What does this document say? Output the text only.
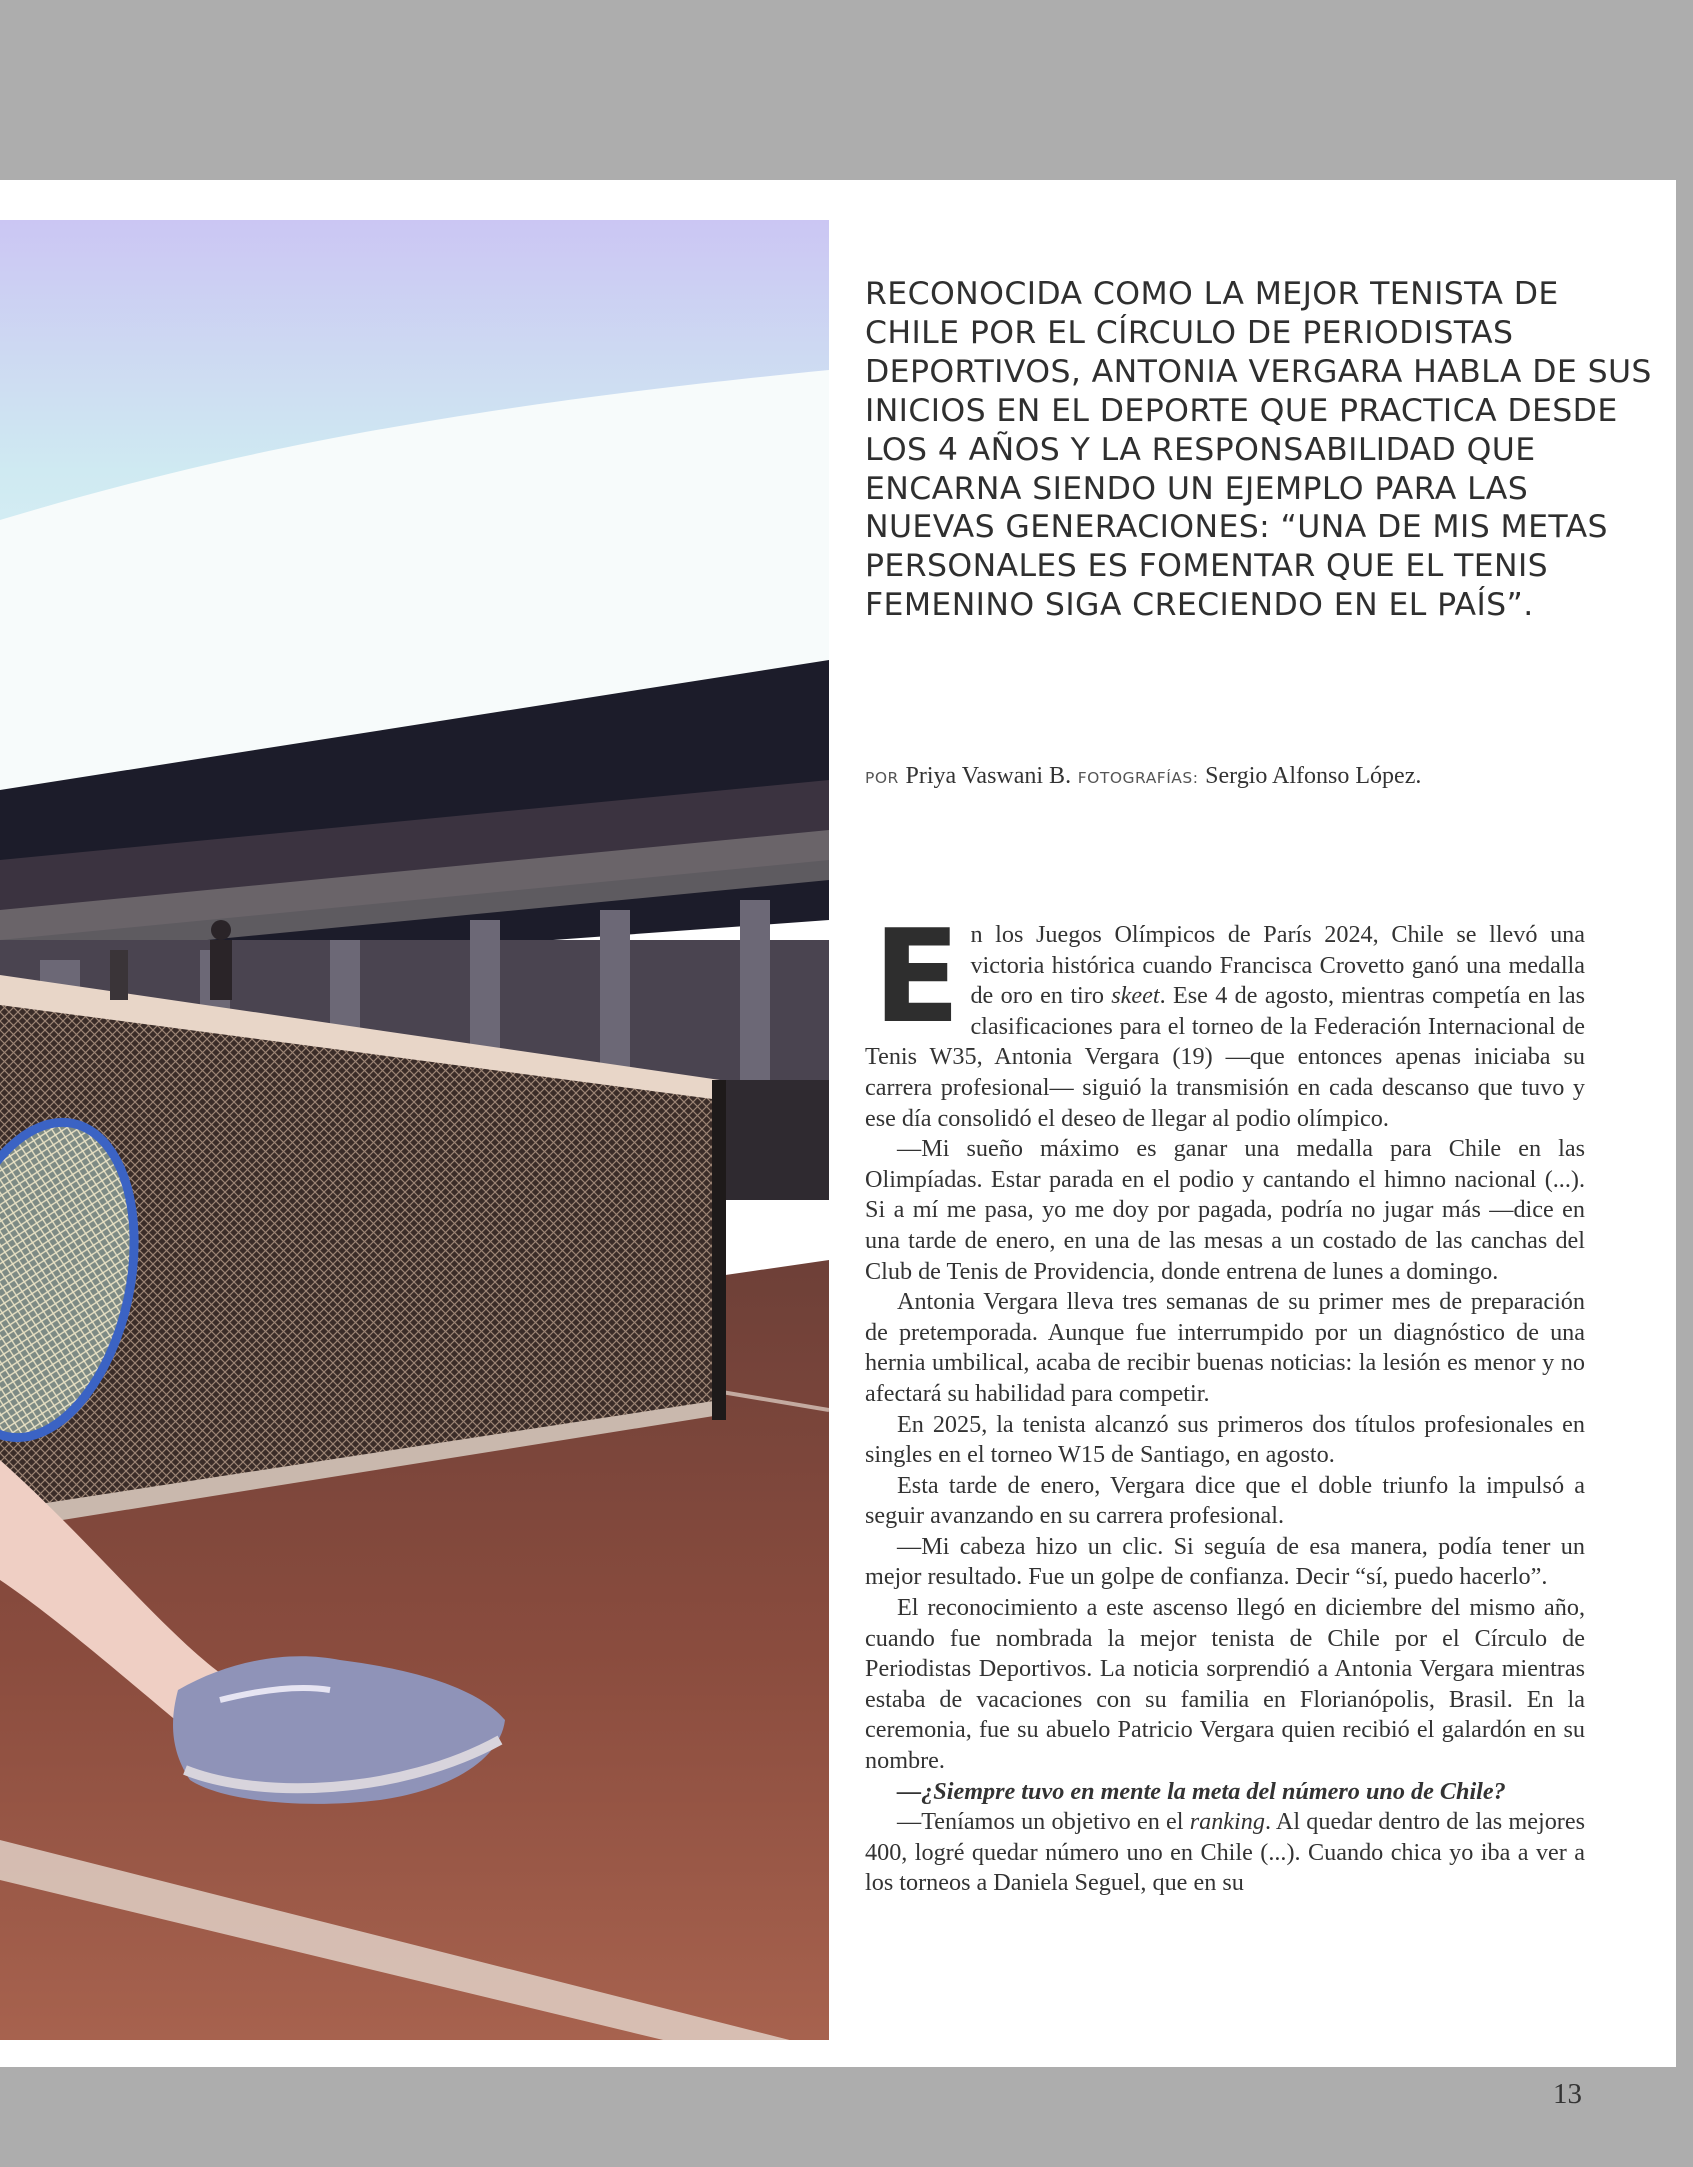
RECONOCIDA COMO LA MEJOR TENISTA DE CHILE POR EL CÍRCULO DE PERIODISTAS DEPORTIVOS, ANTONIA VERGARA HABLA DE SUS INICIOS EN EL DEPORTE QUE PRACTICA DESDE LOS 4 AÑOS Y LA RESPONSABILIDAD QUE ENCARNA SIENDO UN EJEMPLO PARA LAS NUEVAS GENERACIONES: “UNA DE MIS METAS PERSONALES ES FOMENTAR QUE EL TENIS FEMENINO SIGA CRECIENDO EN EL PAÍS”.
POR Priya Vaswani B. FOTOGRAFÍAS: Sergio Alfonso López.

En los Juegos Olímpicos de París 2024, Chile se llevó una victoria histórica cuando Francisca Crovetto ganó una medalla de oro en tiro skeet. Ese 4 de agosto, mientras competía en las clasificaciones para el torneo de la Federación Internacional de Tenis W35, Antonia Vergara (19) —que entonces apenas iniciaba su carrera profesional— siguió la transmisión en cada descanso que tuvo y ese día consolidó el deseo de llegar al podio olímpico.

—Mi sueño máximo es ganar una medalla para Chile en las Olimpíadas. Estar parada en el podio y cantando el himno nacional (...). Si a mí me pasa, yo me doy por pagada, podría no jugar más —dice en una tarde de enero, en una de las mesas a un costado de las canchas del Club de Tenis de Providencia, donde entrena de lunes a domingo.

Antonia Vergara lleva tres semanas de su primer mes de preparación de pretemporada. Aunque fue interrumpido por un diagnóstico de una hernia umbilical, acaba de recibir buenas noticias: la lesión es menor y no afectará su habilidad para competir.

En 2025, la tenista alcanzó sus primeros dos títulos profesionales en singles en el torneo W15 de Santiago, en agosto.

Esta tarde de enero, Vergara dice que el doble triunfo la impulsó a seguir avanzando en su carrera profesional.

—Mi cabeza hizo un clic. Si seguía de esa manera, podía tener un mejor resultado. Fue un golpe de confianza. Decir “sí, puedo hacerlo”.

El reconocimiento a este ascenso llegó en diciembre del mismo año, cuando fue nombrada la mejor tenista de Chile por el Círculo de Periodistas Deportivos. La noticia sorprendió a Antonia Vergara mientras estaba de vacaciones con su familia en Florianópolis, Brasil. En la ceremonia, fue su abuelo Patricio Vergara quien recibió el galardón en su nombre.

—¿Siempre tuvo en mente la meta del número uno de Chile?

—Teníamos un objetivo en el ranking. Al quedar dentro de las mejores 400, logré quedar número uno en Chile (...). Cuando chica yo iba a ver a los torneos a Daniela Seguel, que en su

13
